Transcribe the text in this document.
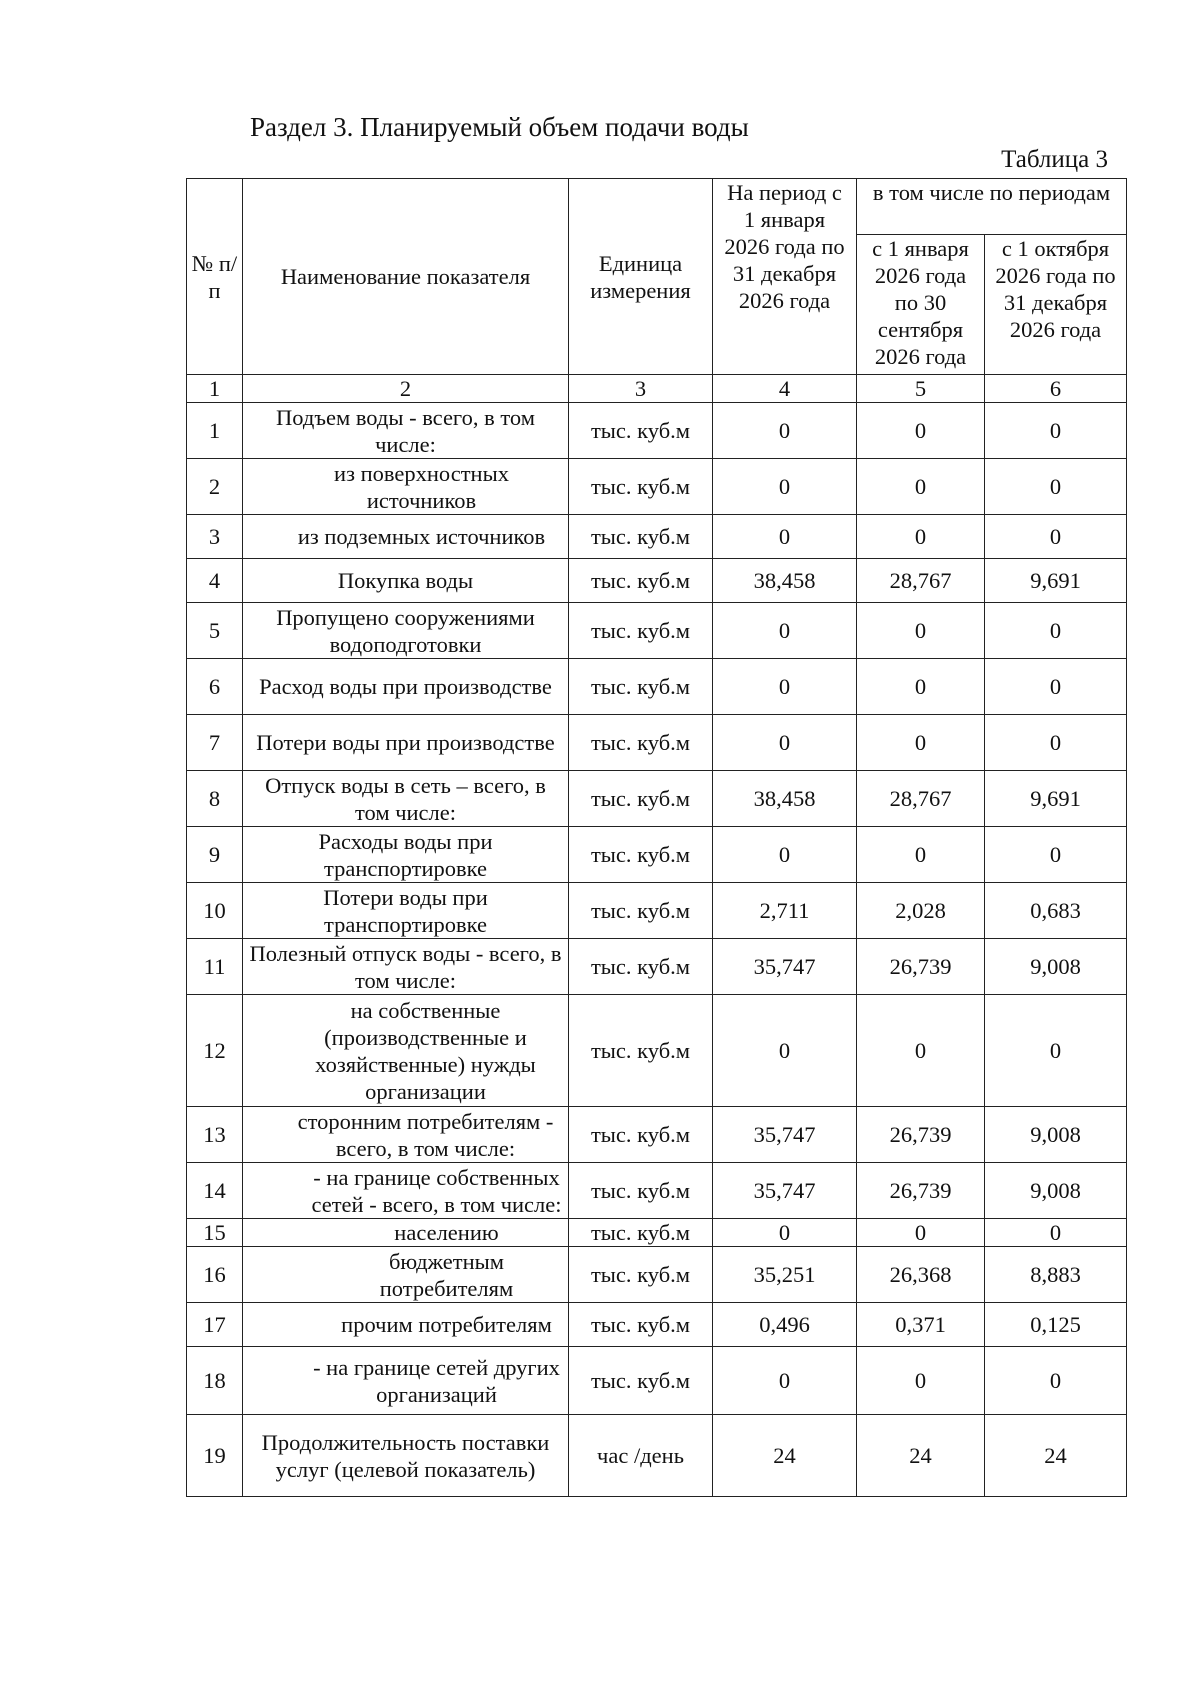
Раздел 3. Планируемый объем подачи воды
Таблица 3
№ п/п	Наименование показателя	Единица измерения	На период с 1 января 2026 года по 31 декабря 2026 года	в том числе по периодам	
				с 1 января 2026 года по 30 сентября 2026 года	с 1 октября 2026 года по 31 декабря 2026 года
1	2	3	4	5	6
1	Подъем воды - всего, в том числе:	тыс. куб.м	0	0	0
2	из поверхностных источников	тыс. куб.м	0	0	0
3	из подземных источников	тыс. куб.м	0	0	0
4	Покупка воды	тыс. куб.м	38,458	28,767	9,691
5	Пропущено сооружениями водоподготовки	тыс. куб.м	0	0	0
6	Расход воды при производстве	тыс. куб.м	0	0	0
7	Потери воды при производстве	тыс. куб.м	0	0	0
8	Отпуск воды в сеть – всего, в том числе:	тыс. куб.м	38,458	28,767	9,691
9	Расходы воды при транспортировке	тыс. куб.м	0	0	0
10	Потери воды при транспортировке	тыс. куб.м	2,711	2,028	0,683
11	Полезный отпуск воды - всего, в том числе:	тыс. куб.м	35,747	26,739	9,008
12	на собственные (производственные и хозяйственные) нужды организации	тыс. куб.м	0	0	0
13	сторонним потребителям - всего, в том числе:	тыс. куб.м	35,747	26,739	9,008
14	- на границе собственных сетей - всего, в том числе:	тыс. куб.м	35,747	26,739	9,008
15	населению	тыс. куб.м	0	0	0
16	бюджетным потребителям	тыс. куб.м	35,251	26,368	8,883
17	прочим потребителям	тыс. куб.м	0,496	0,371	0,125
18	- на границе сетей других организаций	тыс. куб.м	0	0	0
19	Продолжительность поставки услуг (целевой показатель)	час /день	24	24	24
